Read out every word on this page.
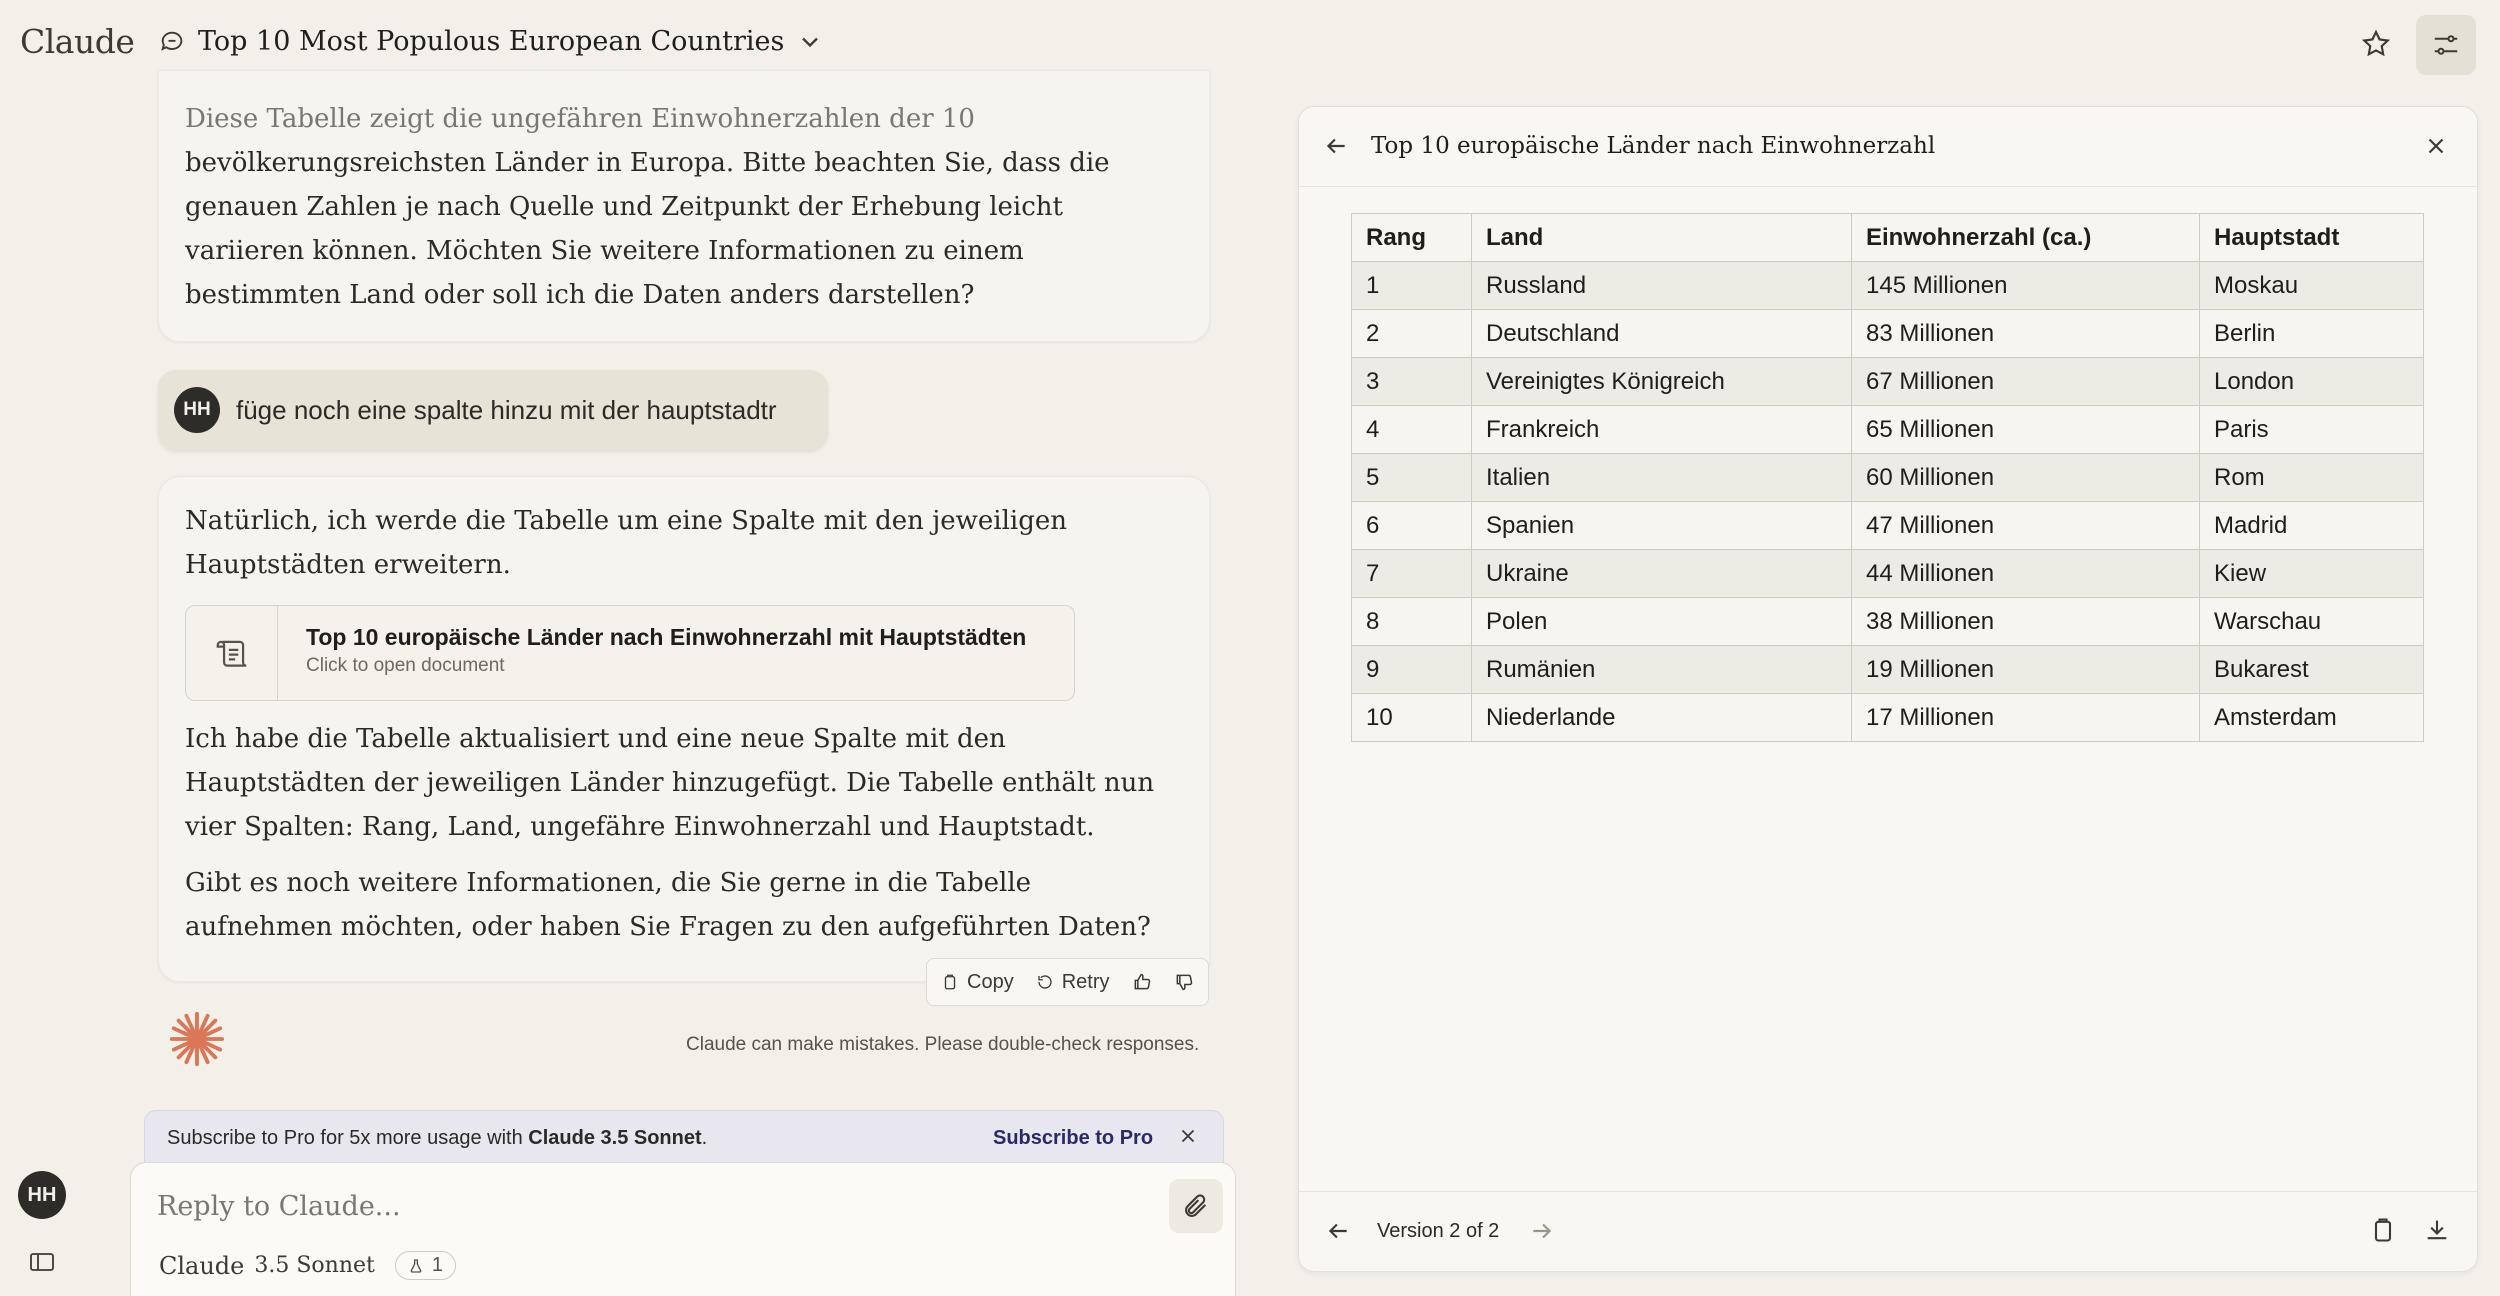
Claude Top 10 Most Populous European Countries
HH
Diese Tabelle zeigt die ungefähren Einwohnerzahlen der 10
bevölkerungsreichsten Länder in Europa. Bitte beachten Sie, dass die genauen Zahlen je nach Quelle und Zeitpunkt der Erhebung leicht variieren können. Möchten Sie weitere Informationen zu einem bestimmten Land oder soll ich die Daten anders darstellen?
HH füge noch eine spalte hinzu mit der hauptstadtr
Natürlich, ich werde die Tabelle um eine Spalte mit den jeweiligen Hauptstädten erweitern.
Top 10 europäische Länder nach Einwohnerzahl mit Hauptstädten
Click to open document
Ich habe die Tabelle aktualisiert und eine neue Spalte mit den Hauptstädten der jeweiligen Länder hinzugefügt. Die Tabelle enthält nun vier Spalten: Rang, Land, ungefähre Einwohnerzahl und Hauptstadt.
Gibt es noch weitere Informationen, die Sie gerne in die Tabelle aufnehmen möchten, oder haben Sie Fragen zu den aufgeführten Daten?
Copy Retry
Claude can make mistakes. Please double-check responses.
Subscribe to Pro for 5x more usage with Claude 3.5 Sonnet.	Subscribe to Pro
Reply to Claude...
Claude 3.5 Sonnet	1
Top 10 europäische Länder nach Einwohnerzahl
Rang	Land	Einwohnerzahl (ca.)	Hauptstadt
1	Russland	145 Millionen	Moskau
2	Deutschland	83 Millionen	Berlin
3	Vereinigtes Königreich	67 Millionen	London
4	Frankreich	65 Millionen	Paris
5	Italien	60 Millionen	Rom
6	Spanien	47 Millionen	Madrid
7	Ukraine	44 Millionen	Kiew
8	Polen	38 Millionen	Warschau
9	Rumänien	19 Millionen	Bukarest
10	Niederlande	17 Millionen	Amsterdam
Version 2 of 2
